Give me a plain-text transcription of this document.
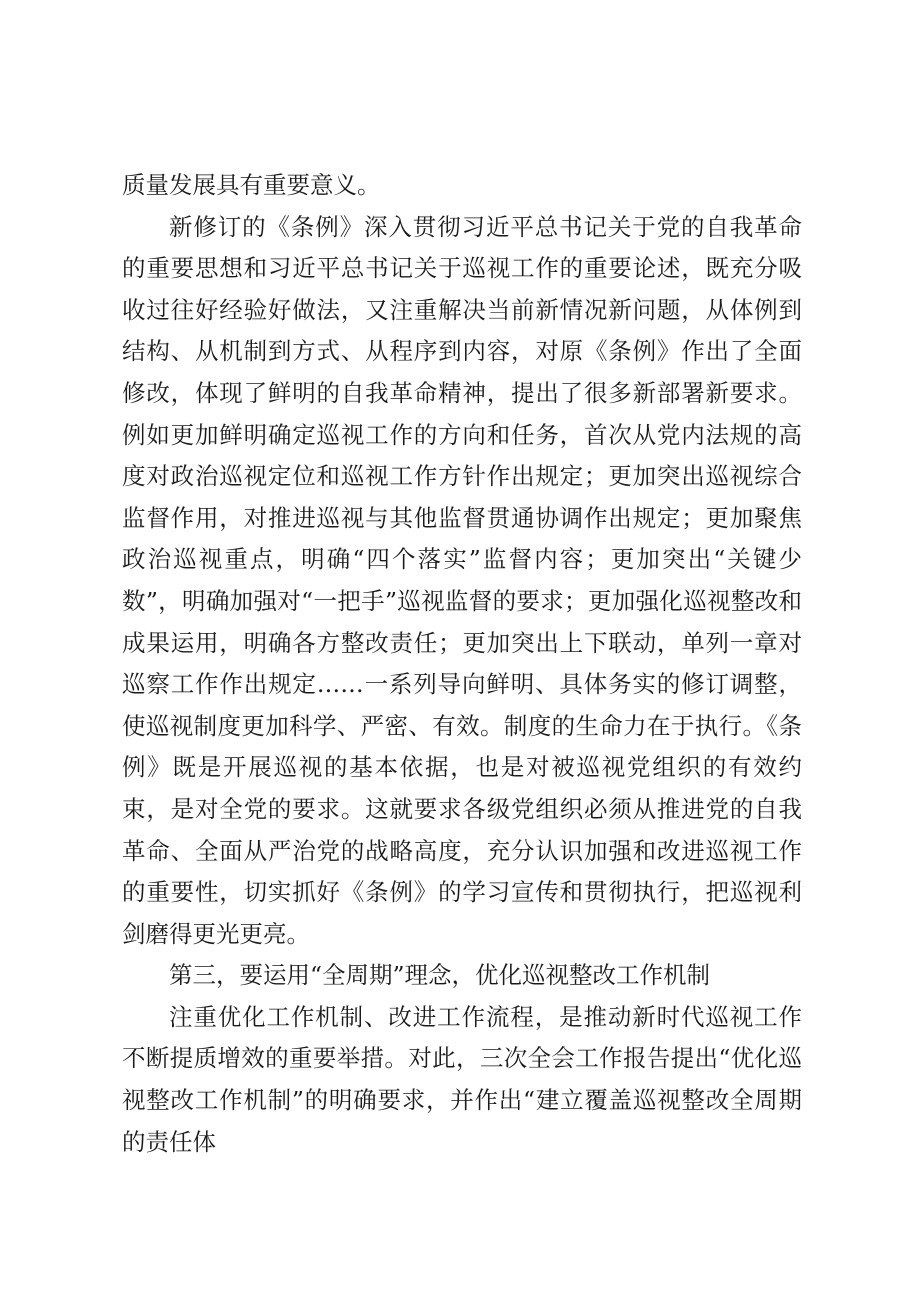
质量发展具有重要意义。

新修订的《条例》深入贯彻习近平总书记关于党的自我革命的重要思想和习近平总书记关于巡视工作的重要论述，既充分吸收过往好经验好做法，又注重解决当前新情况新问题，从体例到结构、从机制到方式、从程序到内容，对原《条例》作出了全面修改，体现了鲜明的自我革命精神，提出了很多新部署新要求。例如更加鲜明确定巡视工作的方向和任务，首次从党内法规的高度对政治巡视定位和巡视工作方针作出规定；更加突出巡视综合监督作用，对推进巡视与其他监督贯通协调作出规定；更加聚焦政治巡视重点，明确“四个落实”监督内容；更加突出“关键少数”，明确加强对“一把手”巡视监督的要求；更加强化巡视整改和成果运用，明确各方整改责任；更加突出上下联动，单列一章对巡察工作作出规定……一系列导向鲜明、具体务实的修订调整，使巡视制度更加科学、严密、有效。制度的生命力在于执行。《条例》既是开展巡视的基本依据，也是对被巡视党组织的有效约束，是对全党的要求。这就要求各级党组织必须从推进党的自我革命、全面从严治党的战略高度，充分认识加强和改进巡视工作的重要性，切实抓好《条例》的学习宣传和贯彻执行，把巡视利剑磨得更光更亮。

第三，要运用“全周期”理念，优化巡视整改工作机制

注重优化工作机制、改进工作流程，是推动新时代巡视工作不断提质增效的重要举措。对此，三次全会工作报告提出“优化巡视整改工作机制”的明确要求，并作出“建立覆盖巡视整改全周期的责任体
